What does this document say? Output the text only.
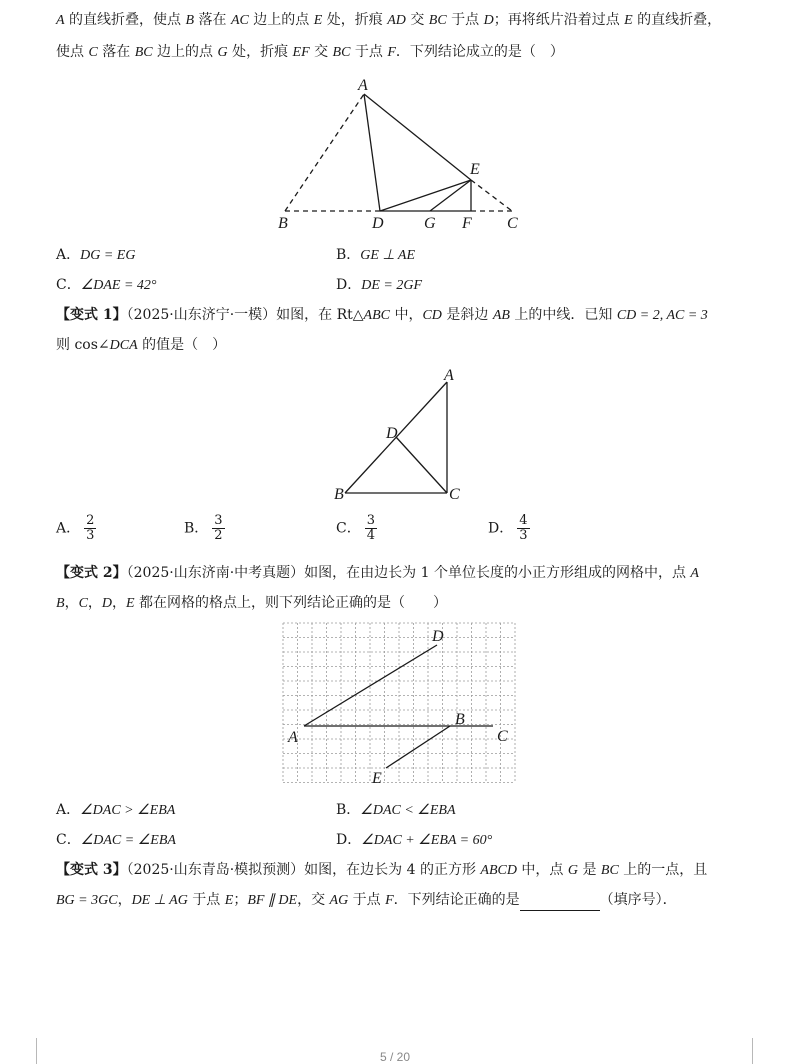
A 的直线折叠，使点 B 落在 AC 边上的点 E 处，折痕 AD 交 BC 于点 D；再将纸片沿着过点 E 的直线折叠，
使点 C 落在 BC 边上的点 G 处，折痕 EF 交 BC 于点 F．下列结论成立的是（　）
A
B	C
D
E
F
G
A．DG = EG	B．GE ⊥ AE
C．∠DAE = 42°	D．DE = 2GF
【变式 1】（2025·山东济宁·一模）如图，在 Rt△ABC 中，CD 是斜边 AB 上的中线．已知 CD = 2, AC = 3
则 cos∠DCA 的值是（　）
A
B	C
D
A． $\frac{2}{3}$	B． $\frac{3}{2}$	C． $\frac{3}{4}$	D． $\frac{4}{3}$
【变式 2】（2025·山东济南·中考真题）如图，在由边长为 1 个单位长度的小正方形组成的网格中，点 A
B，C，D，E 都在网格的格点上，则下列结论正确的是（　　）
A
B
C
D
E
A．∠DAC > ∠EBA	B．∠DAC < ∠EBA
C．∠DAC = ∠EBA	D．∠DAC + ∠EBA = 60°
【变式 3】（2025·山东青岛·模拟预测）如图，在边长为 4 的正方形 ABCD 中，点 G 是 BC 上的一点，且
BG = 3GC，DE ⊥ AG 于点 E；BF ∥ DE，交 AG 于点 F．下列结论正确的是	（填序号）．
5 / 20
